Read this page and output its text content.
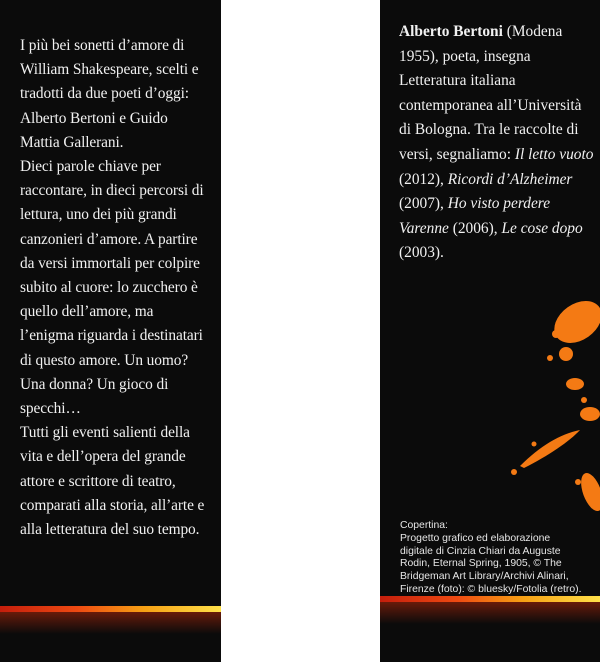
I più bei sonetti d’amore di William Shakespeare, scelti e tradotti da due poeti d’oggi: Alberto Bertoni e Guido Mattia Gallerani.

Dieci parole chiave per raccontare, in dieci percorsi di lettura, uno dei più grandi canzonieri d’amore. A partire da versi immortali per colpire subito al cuore: lo zucchero è quello dell’amore, ma l’enigma riguarda i destinatari di questo amore. Un uomo? Una donna? Un gioco di specchi…

Tutti gli eventi salienti della vita e dell’opera del grande attore e scrittore di teatro, comparati alla storia, all’arte e alla letteratura del suo tempo.

Alberto Bertoni (Modena 1955), poeta, insegna Letteratura italiana contemporanea all’Università di Bologna. Tra le raccolte di versi, segnaliamo: Il letto vuoto (2012), Ricordi d’Alzheimer (2007), Ho visto perdere Varenne (2006), Le cose dopo (2003).
Copertina:
Progetto grafico ed elaborazione
digitale di Cinzia Chiari da Auguste
Rodin, Eternal Spring, 1905, © The
Bridgeman Art Library/Archivi Alinari,
Firenze (foto): © bluesky/Fotolia (retro).
